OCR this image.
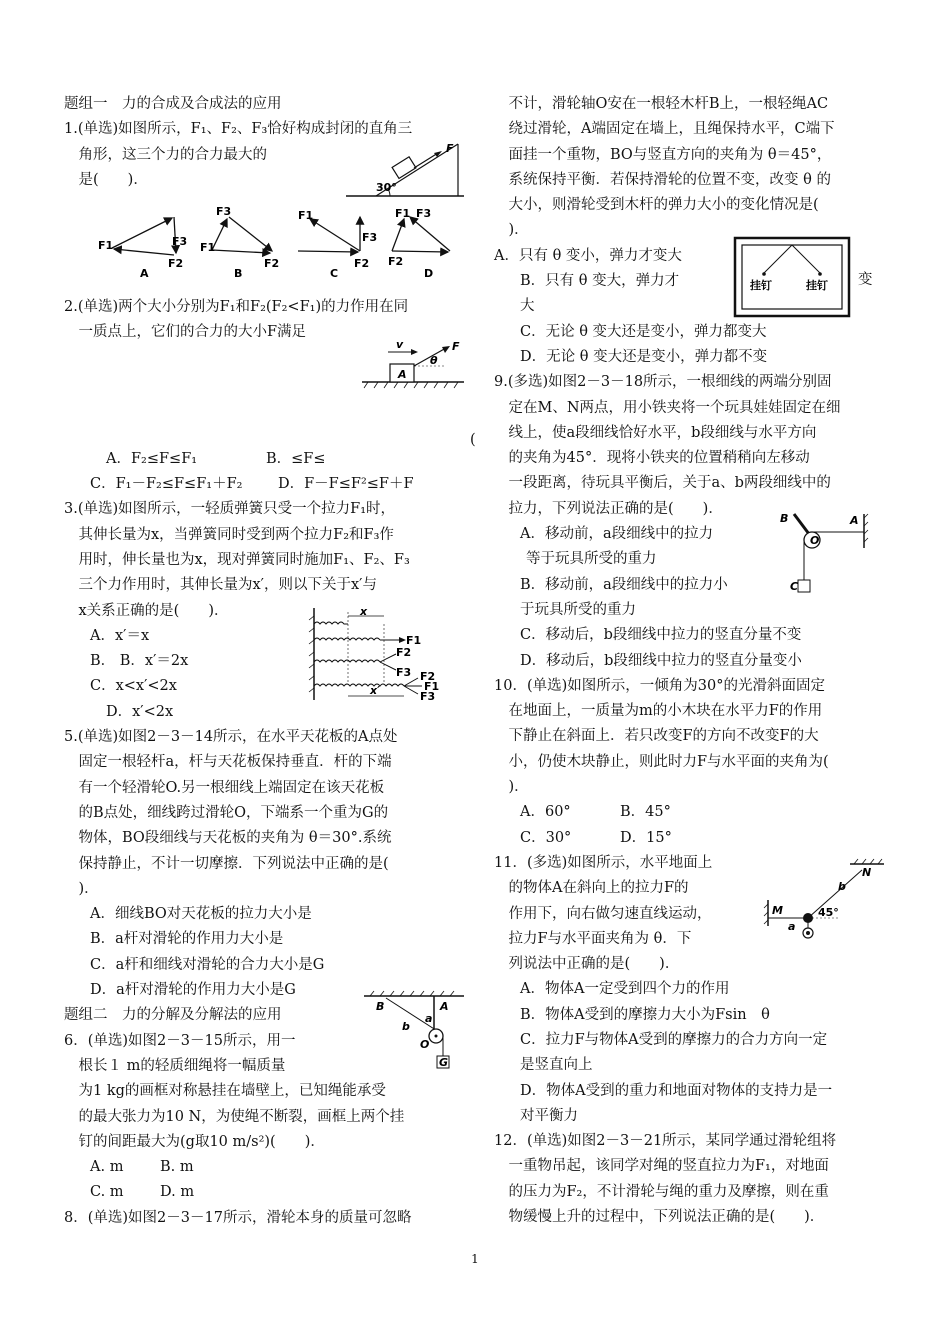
题组一　力的合成及合成法的应用

1.(单选)如图所示，F₁、F₂、F₃恰好构成封闭的直角三

　角形，这三个力的合力最大的

　是(　　)．

2.(单选)两个大小分别为F₁和F₂(F₂<F₁)的力作用在同

　一质点上，它们的合力的大小F满足

A．F₂≤F≤F₁	B．≤F≤

C．F₁－F₂≤F≤F₁＋F₂ D．F－F≤F²≤F＋F

3.(单选)如图所示，一轻质弹簧只受一个拉力F₁时，

　其伸长量为x，当弹簧同时受到两个拉力F₂和F₃作

　用时，伸长量也为x，现对弹簧同时施加F₁、F₂、F₃

　三个力作用时，其伸长量为x′，则以下关于x′与

　x关系正确的是(　　)．

A．x′＝x

B． B．x′＝2x

C．x<x′<2x

D．x′<2x

5.(单选)如图2－3－14所示，在水平天花板的A点处

　固定一根轻杆a，杆与天花板保持垂直．杆的下端

　有一个轻滑轮O.另一根细线上端固定在该天花板

　的B点处，细线跨过滑轮O，下端系一个重为G的

　物体，BO段细线与天花板的夹角为 θ＝30°.系统

　保持静止，不计一切摩擦．下列说法中正确的是(

　)．

A．细线BO对天花板的拉力大小是

B．a杆对滑轮的作用力大小是

C．a杆和细线对滑轮的合力大小是G

D．a杆对滑轮的作用力大小是G

题组二　力的分解及分解法的应用

6．(单选)如图2－3－15所示，用一

　根长１ m的轻质细绳将一幅质量

　为1 kg的画框对称悬挂在墙壁上，已知绳能承受

　的最大张力为10 N，为使绳不断裂，画框上两个挂

　钉的间距最大为(g取10 m/s²)(　　)．

A. m	B. m

C. m	D. m

8．(单选)如图2－3－17所示，滑轮本身的质量可忽略

　不计，滑轮轴O安在一根轻木杆B上，一根轻绳AC

　绕过滑轮，A端固定在墙上，且绳保持水平，C端下

　面挂一个重物，BO与竖直方向的夹角为 θ＝45°，

　系统保持平衡．若保持滑轮的位置不变，改变 θ 的

　大小，则滑轮受到木杆的弹力大小的变化情况是(

　)．

A．只有 θ 变小，弹力才变大

B．只有 θ 变大，弹力才

大

C．无论 θ 变大还是变小，弹力都变大

D．无论 θ 变大还是变小，弹力都不变

9.(多选)如图2－3－18所示，一根细线的两端分别固

　定在M、N两点，用小铁夹将一个玩具娃娃固定在细

　线上，使a段细线恰好水平，b段细线与水平方向

　的夹角为45°．现将小铁夹的位置稍稍向左移动

　一段距离，待玩具平衡后，关于a、b两段细线中的

　拉力，下列说法正确的是(　　)．

A．移动前，a段细线中的拉力

等于玩具所受的重力

B．移动前，a段细线中的拉力小

于玩具所受的重力

C．移动后，b段细线中拉力的竖直分量不变

D．移动后，b段细线中拉力的竖直分量变小

10．(单选)如图所示，一倾角为30°的光滑斜面固定

　在地面上，一质量为m的小木块在水平力F的作用

　下静止在斜面上．若只改变F的方向不改变F的大

　小，仍使木块静止，则此时力F与水平面的夹角为(

　)．

A．60°	B．45°

C．30°	D．15°

11．(多选)如图所示，水平地面上

　的物体A在斜向上的拉力F的

　作用下，向右做匀速直线运动，

　拉力F与水平面夹角为 θ．下

　列说法中正确的是(　　)．

A．物体A一定受到四个力的作用

B．物体A受到的摩擦力大小为Fsin　θ

C．拉力F与物体A受到的摩擦力的合力方向一定

是竖直向上

D．物体A受到的重力和地面对物体的支持力是一

对平衡力

12．(单选)如图2－3－21所示，某同学通过滑轮组将

　一重物吊起，该同学对绳的竖直拉力为F₁，对地面

　的压力为F₂，不计滑轮与绳的重力及摩擦，则在重

　物缓慢上升的过程中，下列说法正确的是(　　)．

变
(
30°
F
F1	F3
F2
A
F1
F3
F2
B
F1
F3
F2
C
F1 F3
F2
D
A
v	F
θ
x
F1
F2
F3 F2
F1
F3
x′
B	A
G
b
a
O
挂钉	挂钉
B	A
O
C
N
M
a
b
45°
1
